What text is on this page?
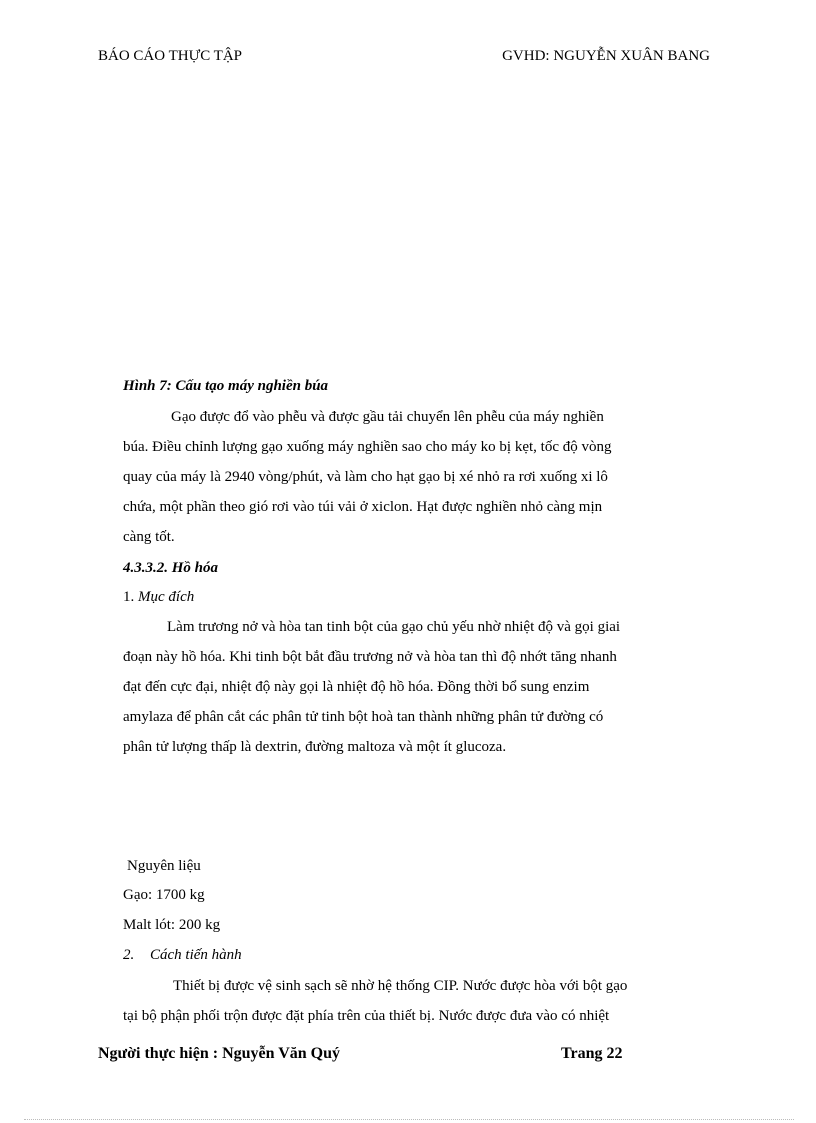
BÁO CÁO THỰC TẬP	GVHD: NGUYỄN XUÂN BANG
Hình 7: Cấu tạo máy nghiền búa
Gạo được đổ vào phễu và được gầu tải chuyển lên phễu của máy nghiền
búa. Điều chỉnh lượng gạo xuống máy nghiền sao cho máy ko bị kẹt, tốc độ vòng
quay của máy là 2940 vòng/phút, và làm cho hạt gạo bị xé nhỏ ra rơi xuống xi lô
chứa, một phần theo gió rơi vào túi vải ở xiclon. Hạt được nghiền nhỏ càng mịn
càng tốt.
4.3.3.2. Hồ hóa
1. Mục đích
Làm trương nở và hòa tan tinh bột của gạo chủ yếu nhờ nhiệt độ và gọi giai
đoạn này hồ hóa. Khi tinh bột bắt đầu trương nở và hòa tan thì độ nhớt tăng nhanh
đạt đến cực đại, nhiệt độ này gọi là nhiệt độ hồ hóa. Đồng thời bổ sung enzim
amylaza để phân cắt các phân tử tinh bột hoà tan thành những phân tử đường có
phân tử lượng thấp là dextrin, đường maltoza và một ít glucoza.
Nguyên liệu
Gạo: 1700 kg
Malt lót: 200 kg
2. Cách tiến hành
Thiết bị được vệ sinh sạch sẽ nhờ hệ thống CIP. Nước được hòa với bột gạo
tại bộ phận phối trộn được đặt phía trên của thiết bị. Nước được đưa vào có nhiệt
Người thực hiện : Nguyễn Văn Quý	Trang 22
